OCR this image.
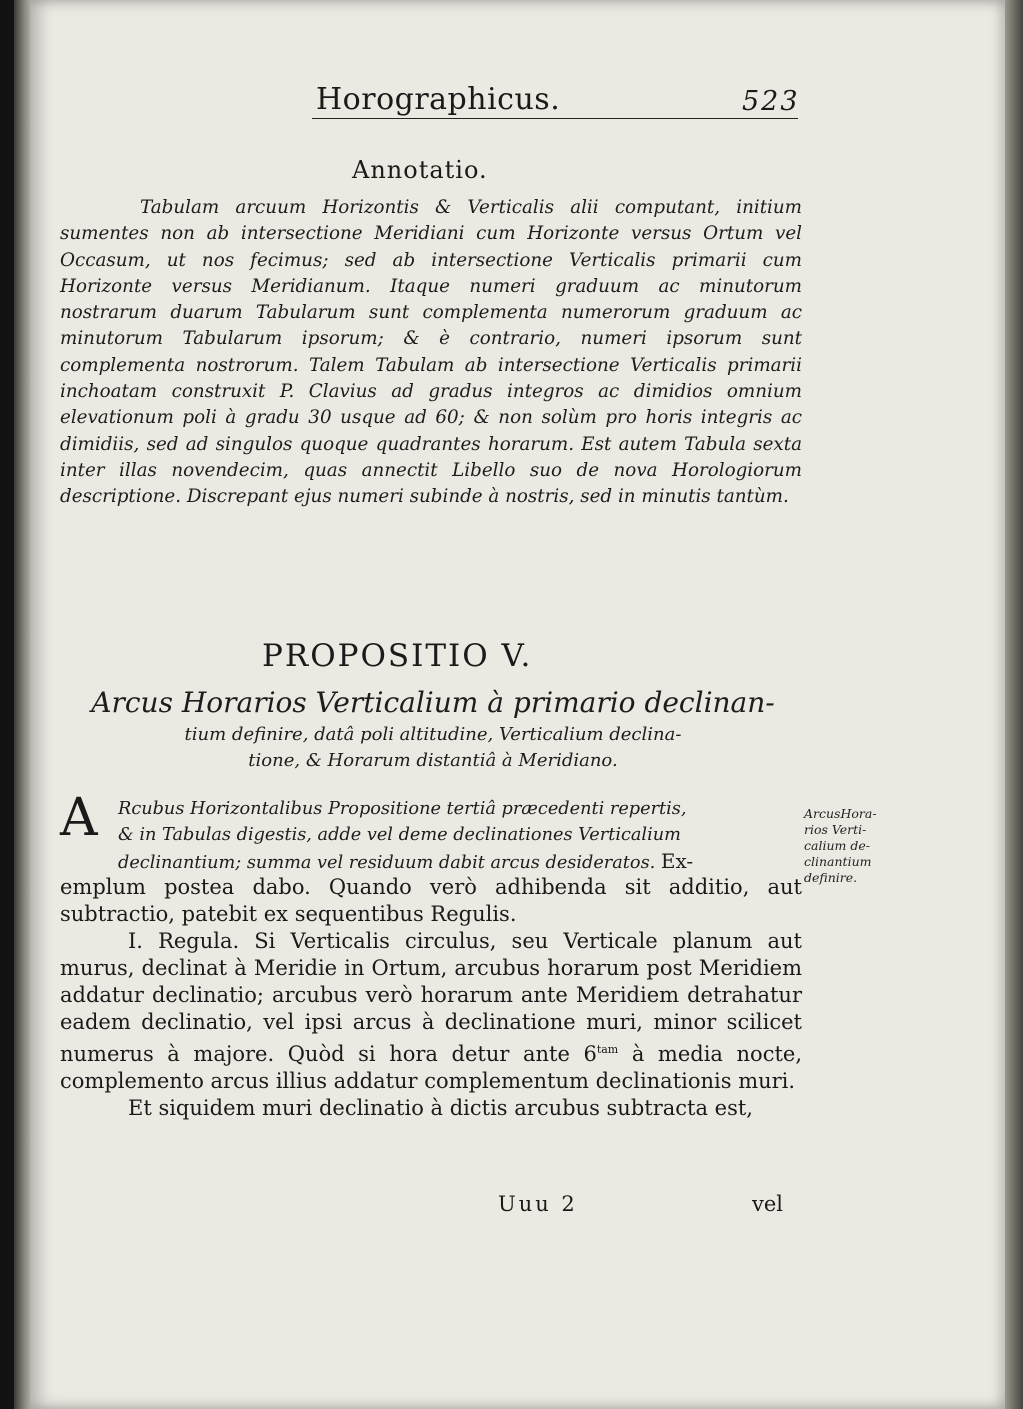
Horographicus.	523
Annotatio.

Tabulam arcuum Horizontis & Verticalis alii computant, initium sumentes non ab intersectione Meridiani cum Horizonte versus Ortum vel Occasum, ut nos fecimus; sed ab intersectione Verticalis primarii cum Horizonte versus Meridianum. Itaque numeri graduum ac minutorum nostrarum duarum Tabularum sunt complementa numerorum graduum ac minutorum Tabularum ipsorum; & è contrario, numeri ipsorum sunt complementa nostrorum. Talem Tabulam ab intersectione Verticalis primarii inchoatam construxit P. Clavius ad gradus integros ac dimidios omnium elevationum poli à gradu 30 usque ad 60; & non solùm pro horis integris ac dimidiis, sed ad singulos quoque quadrantes horarum. Est autem Tabula sexta inter illas novendecim, quas annectit Libello suo de nova Horologiorum descriptione. Discrepant ejus numeri subinde à nostris, sed in minutis tantùm.

PROPOSITIO V.
Arcus Horarios Verticalium à primario declinan-
tium definire, datâ poli altitudine, Verticalium declina-
tione, & Horarum distantiâ à Meridiano.
A Rcubus Horizontalibus Propositione tertiâ præcedenti repertis,
& in Tabulas digestis, adde vel deme declinationes Verticalium
declinantium; summa vel residuum dabit arcus desideratos. Ex-

emplum postea dabo. Quando verò adhibenda sit additio, aut subtractio, patebit ex sequentibus Regulis.

I. Regula. Si Verticalis circulus, seu Verticale planum aut murus, declinat à Meridie in Ortum, arcubus horarum post Meridiem addatur declinatio; arcubus verò horarum ante Meridiem detrahatur eadem declinatio, vel ipsi arcus à declinatione muri, minor scilicet numerus à majore. Quòd si hora detur ante $6^{tam}$ à media nocte, complemento arcus illius addatur complementum declinationis muri.

Et siquidem muri declinatio à dictis arcubus subtracta est,

ArcusHora-
rios Verti-
calium de-
clinantium
definire.
Uuu 2	vel
